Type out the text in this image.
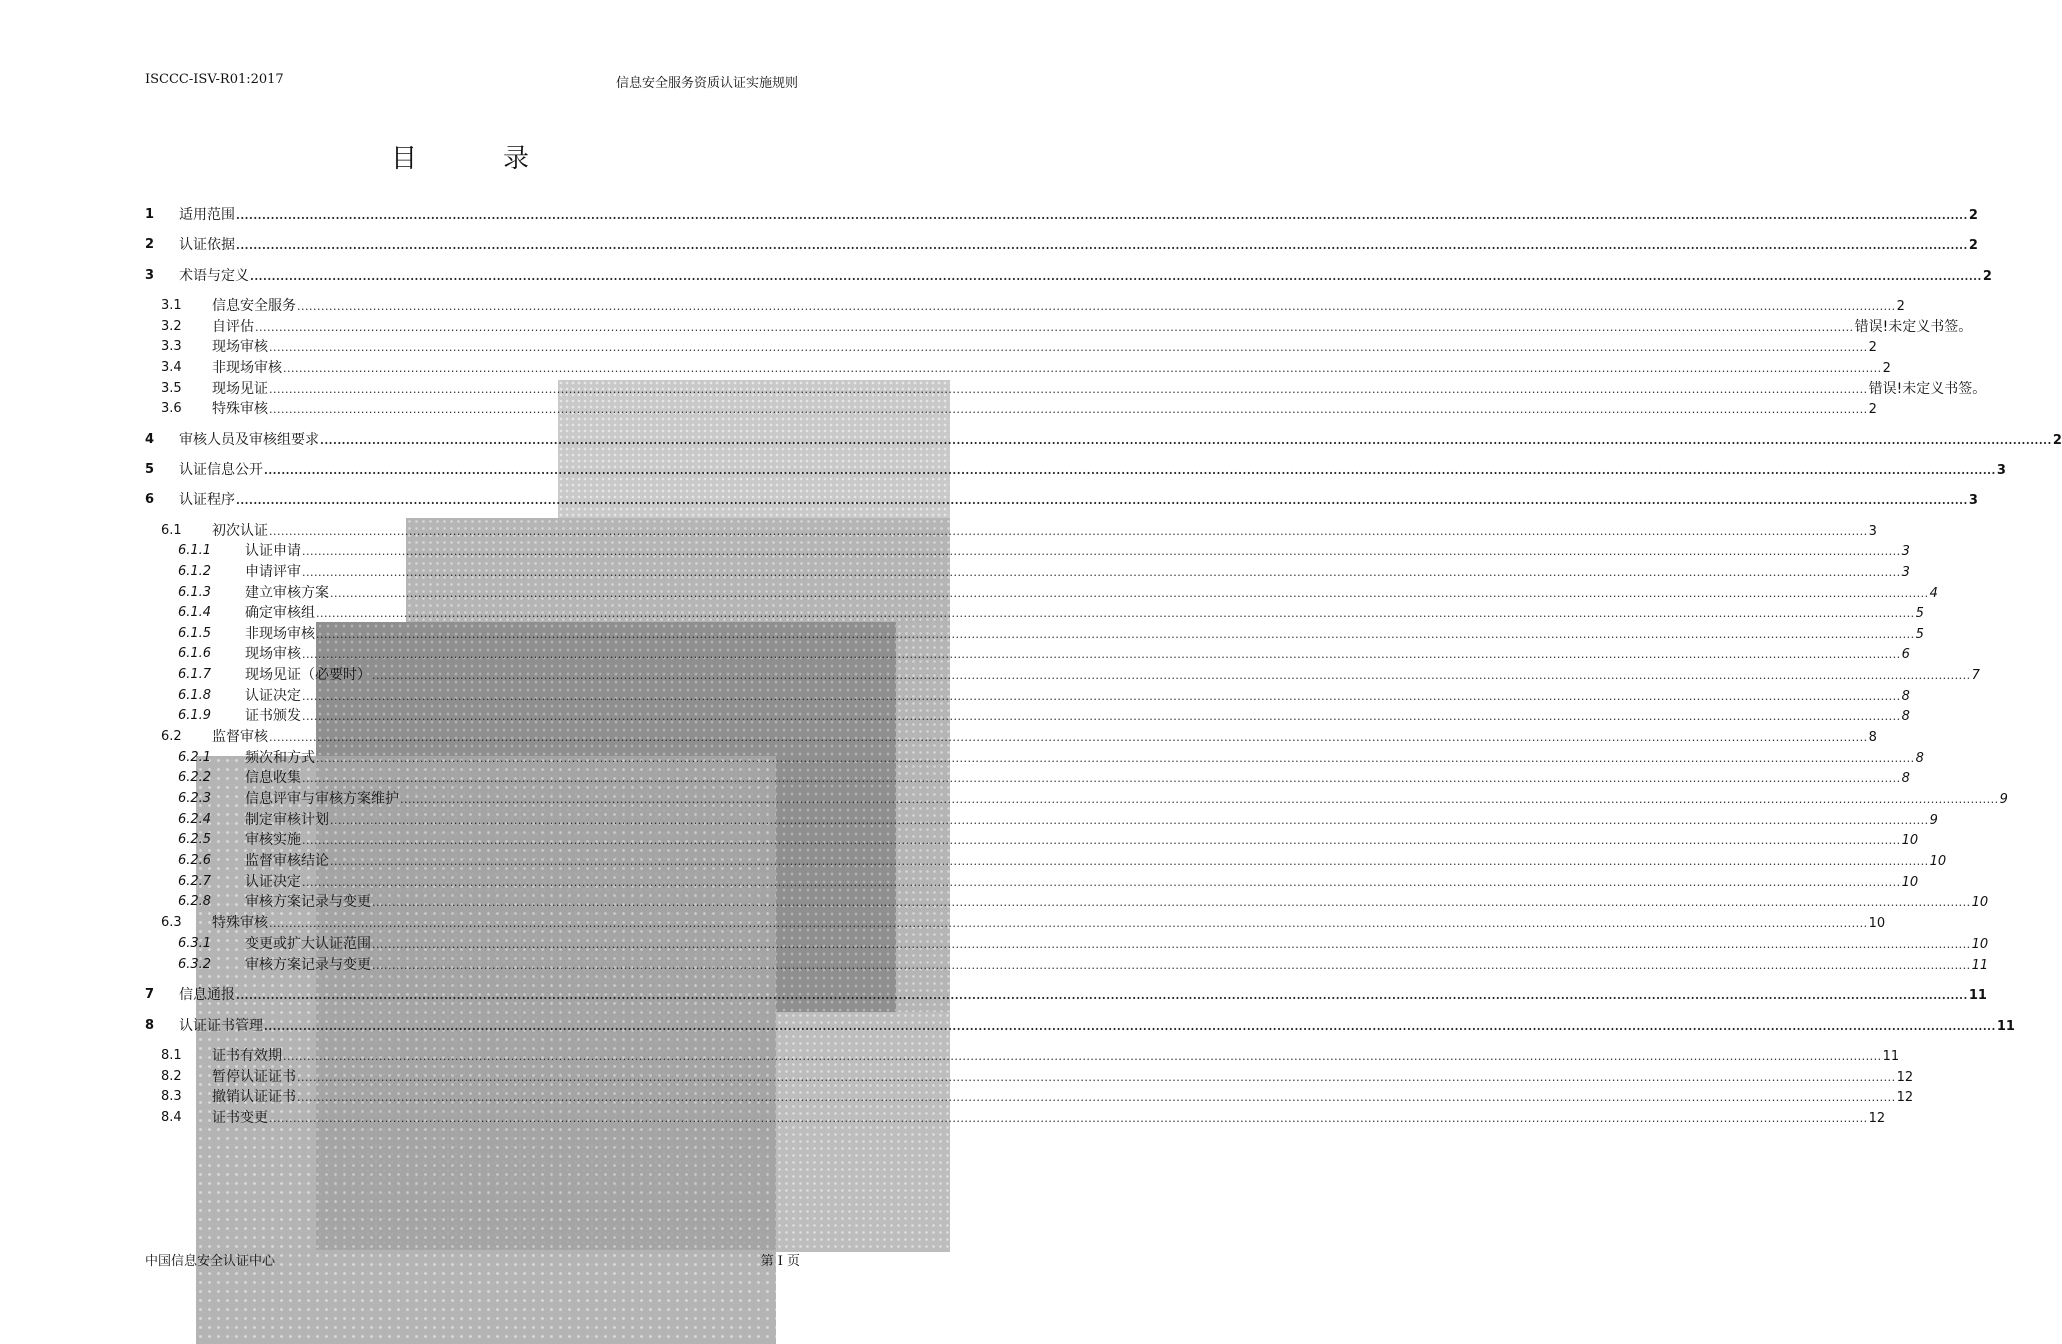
ISCCC-ISV-R01:2017	信息安全服务资质认证实施规则
目　录
1 适用范围 ................................................................................................................................................................................................................................................................................................................................................................................................................ 2
2 认证依据 ................................................................................................................................................................................................................................................................................................................................................................................................................ 2
3 术语与定义 ................................................................................................................................................................................................................................................................................................................................................................................................................ 2
3.1 信息安全服务 ................................................................................................................................................................................................................................................................................................................................................................................................................ 2
3.2 自评估 ................................................................................................................................................................................................................................................................................................................................................................................................................ 错误!未定义书签。
3.3 现场审核 ................................................................................................................................................................................................................................................................................................................................................................................................................ 2
3.4 非现场审核 ................................................................................................................................................................................................................................................................................................................................................................................................................ 2
3.5 现场见证 ................................................................................................................................................................................................................................................................................................................................................................................................................ 错误!未定义书签。
3.6 特殊审核 ................................................................................................................................................................................................................................................................................................................................................................................................................ 2
4 审核人员及审核组要求 ................................................................................................................................................................................................................................................................................................................................................................................................................ 2
5 认证信息公开 ................................................................................................................................................................................................................................................................................................................................................................................................................ 3
6 认证程序 ................................................................................................................................................................................................................................................................................................................................................................................................................ 3
6.1 初次认证 ................................................................................................................................................................................................................................................................................................................................................................................................................ 3
6.1.1 认证申请 ................................................................................................................................................................................................................................................................................................................................................................................................................ 3
6.1.2 申请评审 ................................................................................................................................................................................................................................................................................................................................................................................................................ 3
6.1.3 建立审核方案 ................................................................................................................................................................................................................................................................................................................................................................................................................ 4
6.1.4 确定审核组 ................................................................................................................................................................................................................................................................................................................................................................................................................ 5
6.1.5 非现场审核 ................................................................................................................................................................................................................................................................................................................................................................................................................ 5
6.1.6 现场审核 ................................................................................................................................................................................................................................................................................................................................................................................................................ 6
6.1.7 现场见证（必要时） ................................................................................................................................................................................................................................................................................................................................................................................................................ 7
6.1.8 认证决定 ................................................................................................................................................................................................................................................................................................................................................................................................................ 8
6.1.9 证书颁发 ................................................................................................................................................................................................................................................................................................................................................................................................................ 8
6.2 监督审核 ................................................................................................................................................................................................................................................................................................................................................................................................................ 8
6.2.1 频次和方式 ................................................................................................................................................................................................................................................................................................................................................................................................................ 8
6.2.2 信息收集 ................................................................................................................................................................................................................................................................................................................................................................................................................ 8
6.2.3 信息评审与审核方案维护 ................................................................................................................................................................................................................................................................................................................................................................................................................ 9
6.2.4 制定审核计划 ................................................................................................................................................................................................................................................................................................................................................................................................................ 9
6.2.5 审核实施 ................................................................................................................................................................................................................................................................................................................................................................................................................ 10
6.2.6 监督审核结论 ................................................................................................................................................................................................................................................................................................................................................................................................................ 10
6.2.7 认证决定 ................................................................................................................................................................................................................................................................................................................................................................................................................ 10
6.2.8 审核方案记录与变更 ................................................................................................................................................................................................................................................................................................................................................................................................................ 10
6.3 特殊审核 ................................................................................................................................................................................................................................................................................................................................................................................................................ 10
6.3.1 变更或扩大认证范围 ................................................................................................................................................................................................................................................................................................................................................................................................................ 10
6.3.2 审核方案记录与变更 ................................................................................................................................................................................................................................................................................................................................................................................................................ 11
7 信息通报 ................................................................................................................................................................................................................................................................................................................................................................................................................ 11
8 认证证书管理 ................................................................................................................................................................................................................................................................................................................................................................................................................ 11
8.1 证书有效期 ................................................................................................................................................................................................................................................................................................................................................................................................................ 11
8.2 暂停认证证书 ................................................................................................................................................................................................................................................................................................................................................................................................................ 12
8.3 撤销认证证书 ................................................................................................................................................................................................................................................................................................................................................................................................................ 12
8.4 证书变更 ................................................................................................................................................................................................................................................................................................................................................................................................................ 12
中国信息安全认证中心	第 I 页
